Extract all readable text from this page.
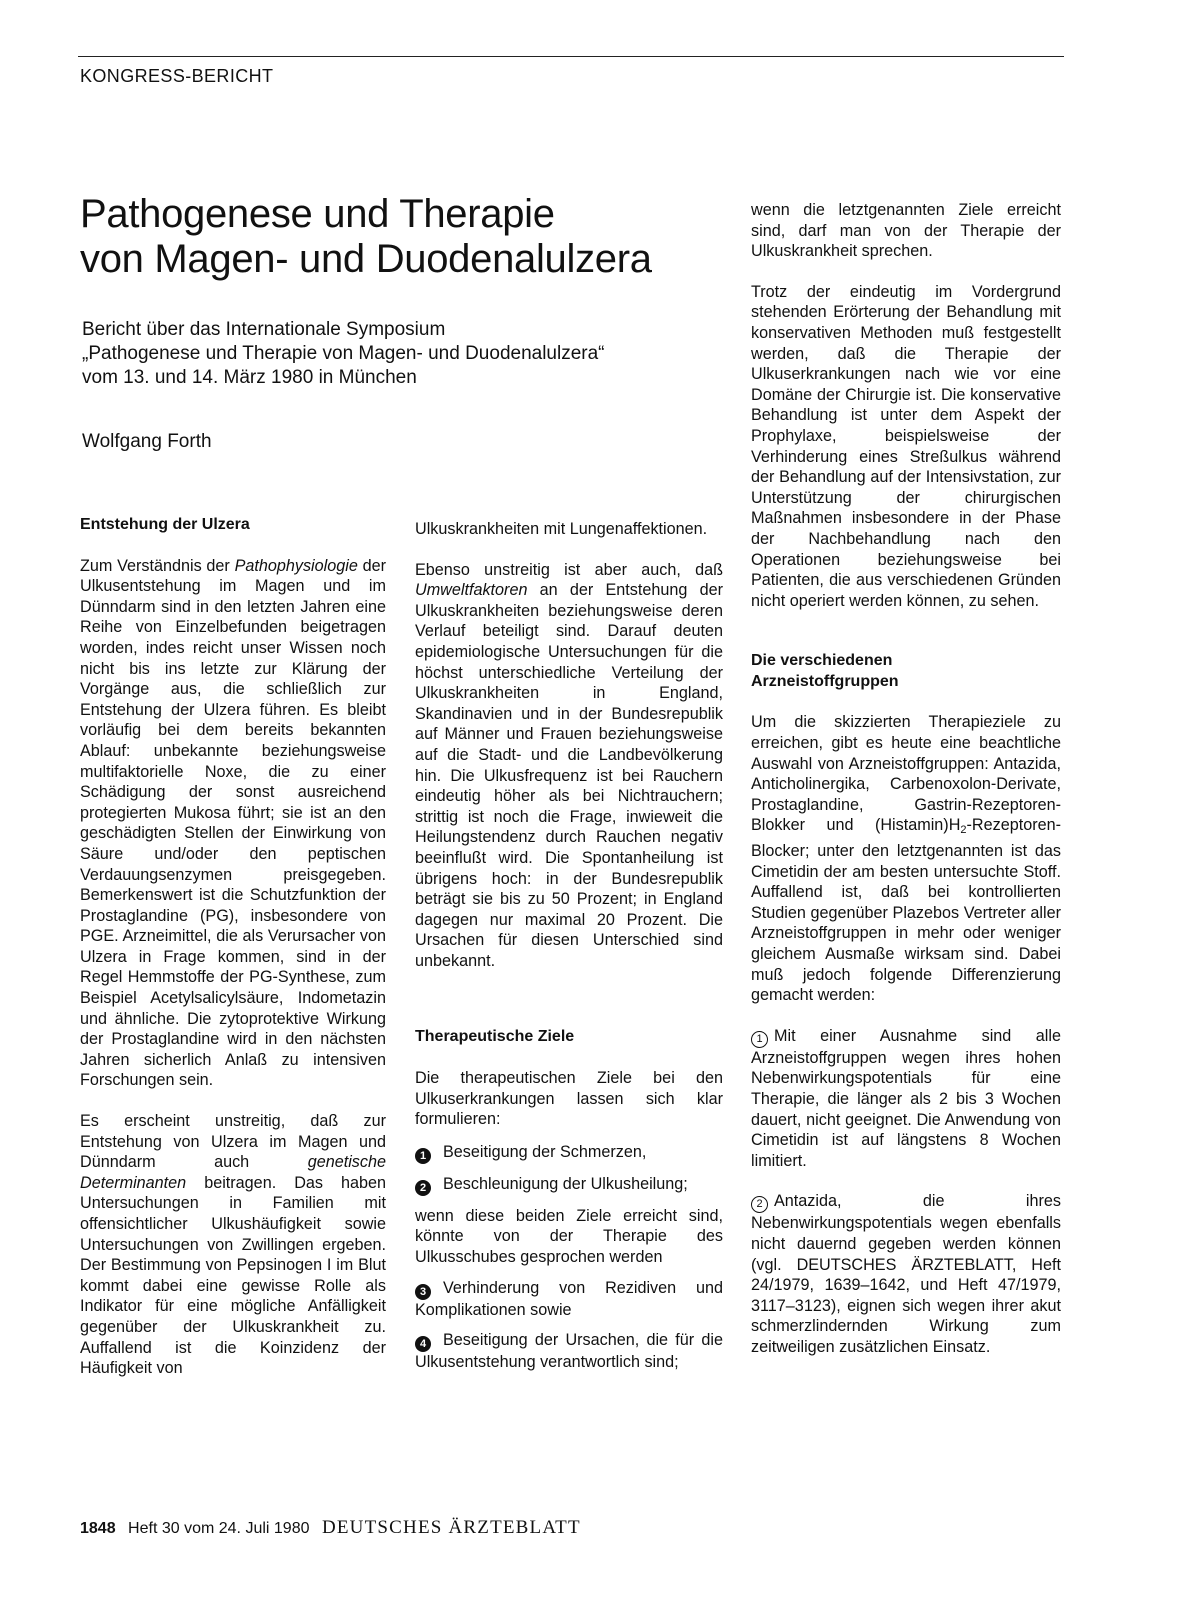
KONGRESS-BERICHT
Pathogenese und Therapie
von Magen- und Duodenalulzera
Bericht über das Internationale Symposium
„Pathogenese und Therapie von Magen- und Duodenalulzera“
vom 13. und 14. März 1980 in München
Wolfgang Forth
Entstehung der Ulzera

Zum Verständnis der Pathophysiologie der Ulkusentstehung im Magen und im Dünndarm sind in den letzten Jahren eine Reihe von Einzelbefunden beigetragen worden, indes reicht unser Wissen noch nicht bis ins letzte zur Klärung der Vorgänge aus, die schließlich zur Entstehung der Ulzera führen. Es bleibt vorläufig bei dem bereits bekannten Ablauf: unbekannte beziehungsweise multifaktorielle Noxe, die zu einer Schädigung der sonst ausreichend protegierten Mukosa führt; sie ist an den geschädigten Stellen der Einwirkung von Säure und/oder den peptischen Verdauungsenzymen preisgegeben. Bemerkenswert ist die Schutzfunktion der Prostaglandine (PG), insbesondere von PGE. Arzneimittel, die als Verursacher von Ulzera in Frage kommen, sind in der Regel Hemmstoffe der PG-Synthese, zum Beispiel Acetylsalicylsäure, Indometazin und ähnliche. Die zytoprotektive Wirkung der Prostaglandine wird in den nächsten Jahren sicherlich Anlaß zu intensiven Forschungen sein.

Es erscheint unstreitig, daß zur Entstehung von Ulzera im Magen und Dünndarm auch genetische Determinanten beitragen. Das haben Untersuchungen in Familien mit offensichtlicher Ulkushäufigkeit sowie Untersuchungen von Zwillingen ergeben. Der Bestimmung von Pepsinogen I im Blut kommt dabei eine gewisse Rolle als Indikator für eine mögliche Anfälligkeit gegenüber der Ulkuskrankheit zu. Auffallend ist die Koinzidenz der Häufigkeit von

Ulkuskrankheiten mit Lungenaffektionen.

Ebenso unstreitig ist aber auch, daß Umweltfaktoren an der Entstehung der Ulkuskrankheiten beziehungsweise deren Verlauf beteiligt sind. Darauf deuten epidemiologische Untersuchungen für die höchst unterschiedliche Verteilung der Ulkuskrankheiten in England, Skandinavien und in der Bundesrepublik auf Männer und Frauen beziehungsweise auf die Stadt- und die Landbevölkerung hin. Die Ulkusfrequenz ist bei Rauchern eindeutig höher als bei Nichtrauchern; strittig ist noch die Frage, inwieweit die Heilungstendenz durch Rauchen negativ beeinflußt wird. Die Spontanheilung ist übrigens hoch: in der Bundesrepublik beträgt sie bis zu 50 Prozent; in England dagegen nur maximal 20 Prozent. Die Ursachen für diesen Unterschied sind unbekannt.

Therapeutische Ziele

Die therapeutischen Ziele bei den Ulkuserkrankungen lassen sich klar formulieren:

1 Beseitigung der Schmerzen,

2 Beschleunigung der Ulkusheilung;

wenn diese beiden Ziele erreicht sind, könnte von der Therapie des Ulkusschubes gesprochen werden

3 Verhinderung von Rezidiven und Komplikationen sowie

4 Beseitigung der Ursachen, die für die Ulkusentstehung verantwortlich sind;

wenn die letztgenannten Ziele erreicht sind, darf man von der Therapie der Ulkuskrankheit sprechen.

Trotz der eindeutig im Vordergrund stehenden Erörterung der Behandlung mit konservativen Methoden muß festgestellt werden, daß die Therapie der Ulkuserkrankungen nach wie vor eine Domäne der Chirurgie ist. Die konservative Behandlung ist unter dem Aspekt der Prophylaxe, beispielsweise der Verhinderung eines Streßulkus während der Behandlung auf der Intensivstation, zur Unterstützung der chirurgischen Maßnahmen insbesondere in der Phase der Nachbehandlung nach den Operationen beziehungsweise bei Patienten, die aus verschiedenen Gründen nicht operiert werden können, zu sehen.

Die verschiedenen
Arzneistoffgruppen

Um die skizzierten Therapieziele zu erreichen, gibt es heute eine beachtliche Auswahl von Arzneistoffgruppen: Antazida, Anticholinergika, Carbenoxolon-Derivate, Prostaglandine, Gastrin-Rezeptoren-Blokker und $(Histamin)H_2-Rezeptoren$-Blocker; unter den letztgenannten ist das Cimetidin der am besten untersuchte Stoff. Auffallend ist, daß bei kontrollierten Studien gegenüber Plazebos Vertreter aller Arzneistoffgruppen in mehr oder weniger gleichem Ausmaße wirksam sind. Dabei muß jedoch folgende Differenzierung gemacht werden:

1 Mit einer Ausnahme sind alle Arzneistoffgruppen wegen ihres hohen Nebenwirkungspotentials für eine Therapie, die länger als 2 bis 3 Wochen dauert, nicht geeignet. Die Anwendung von Cimetidin ist auf längstens 8 Wochen limitiert.

2 Antazida, die ihres Nebenwirkungspotentials wegen ebenfalls nicht dauernd gegeben werden können (vgl. DEUTSCHES ÄRZTEBLATT, Heft 24/1979, 1639–1642, und Heft 47/1979, 3117–3123), eignen sich wegen ihrer akut schmerzlindernden Wirkung zum zeitweiligen zusätzlichen Einsatz.

1848 Heft 30 vom 24. Juli 1980 DEUTSCHES ÄRZTEBLATT
